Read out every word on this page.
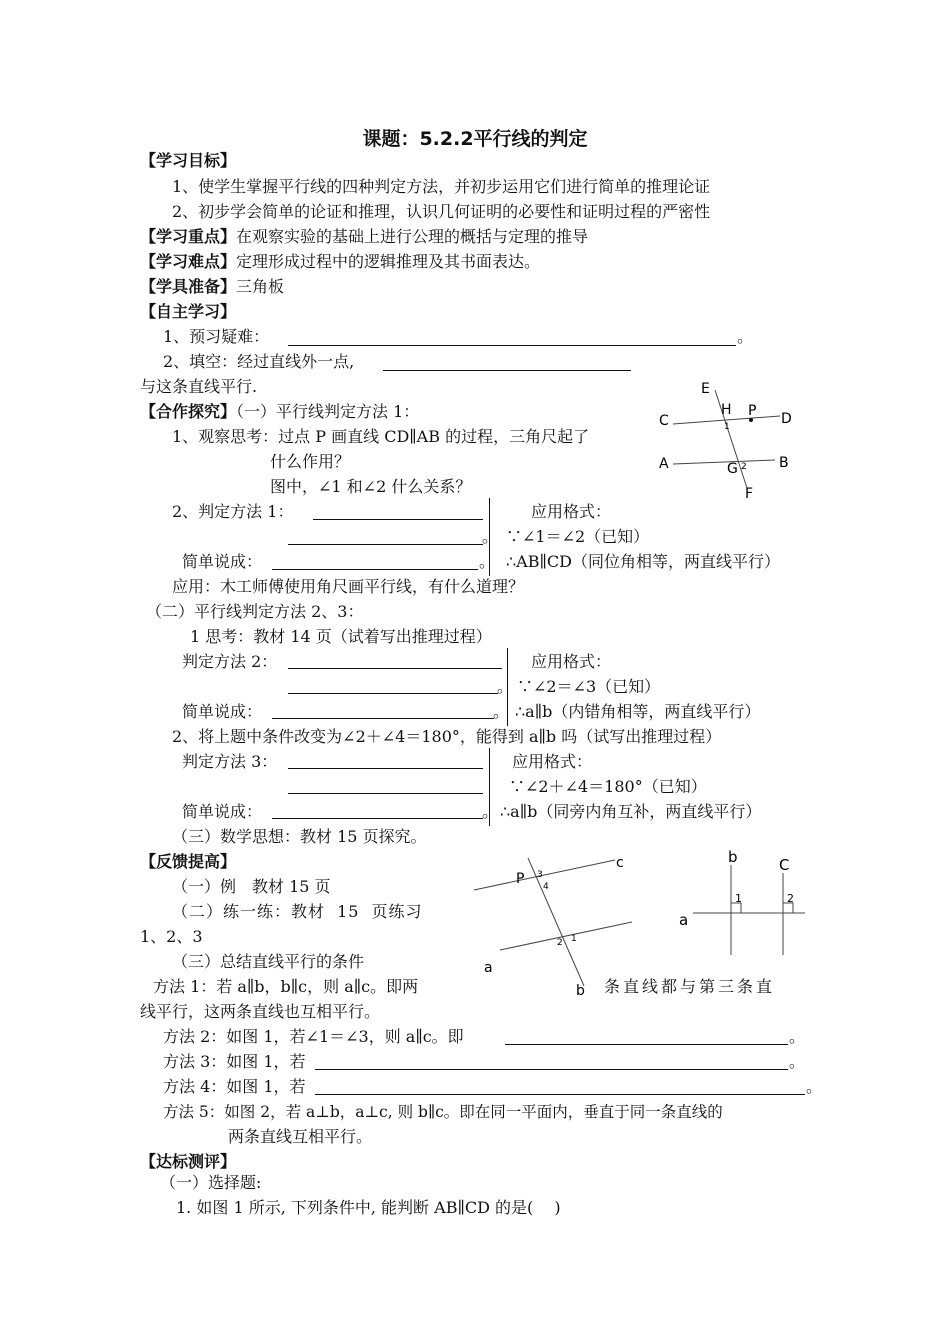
课题：5.2.2平行线的判定
【学习目标】
1、使学生掌握平行线的四种判定方法，并初步运用它们进行简单的推理论证
2、初步学会简单的论证和推理，认识几何证明的必要性和证明过程的严密性
【学习重点】在观察实验的基础上进行公理的概括与定理的推导
【学习难点】定理形成过程中的逻辑推理及其书面表达。
【学具准备】三角板
【自主学习】
1、预习疑难：	。
2、填空：经过直线外一点,
与这条直线平行.
【合作探究】（一）平行线判定方法 1：
1、观察思考：过点 P 画直线 CD∥AB 的过程，三角尺起了
什么作用？
图中，∠1 和∠2 什么关系？
E
H P
C	D
1
A	B
G 2
F
2、判定方法 1：	应用格式：
。 ∵∠1＝∠2（已知）
简单说成：	。 ∴AB∥CD（同位角相等，两直线平行）
应用：木工师傅使用角尺画平行线，有什么道理？
（二）平行线判定方法 2、3：
1 思考：教材 14 页（试着写出推理过程）
判定方法 2：	应用格式：
。 ∵∠2＝∠3（已知）
简单说成：	。 ∴a∥b（内错角相等，两直线平行）
2、将上题中条件改变为∠2＋∠4＝180°，能得到 a∥b 吗（试写出推理过程）
判定方法 3：	应用格式：
∵∠2＋∠4＝180°（已知）
简单说成：	。 ∴a∥b（同旁内角互补，两直线平行）
（三）数学思想：教材 15 页探究。
【反馈提高】
（一）例　教材 15 页
（二）练一练：教材 15 页练习
1、2、3
（三）总结直线平行的条件
P 3
4
c
2 1
a
b
b	C
a
1	2
方法 1：若 a∥b，b∥c，则 a∥c。即两	条直线都与第三条直
线平行，这两条直线也互相平行。
方法 2：如图 1，若∠1＝∠3，则 a∥c。即	。
方法 3：如图 1，若	。
方法 4：如图 1，若	。
方法 5：如图 2，若 a⊥b，a⊥c, 则 b∥c。即在同一平面内，垂直于同一条直线的
两条直线互相平行。
【达标测评】
（一）选择题:
1. 如图 1 所示, 下列条件中, 能判断 AB∥CD 的是(　 )
